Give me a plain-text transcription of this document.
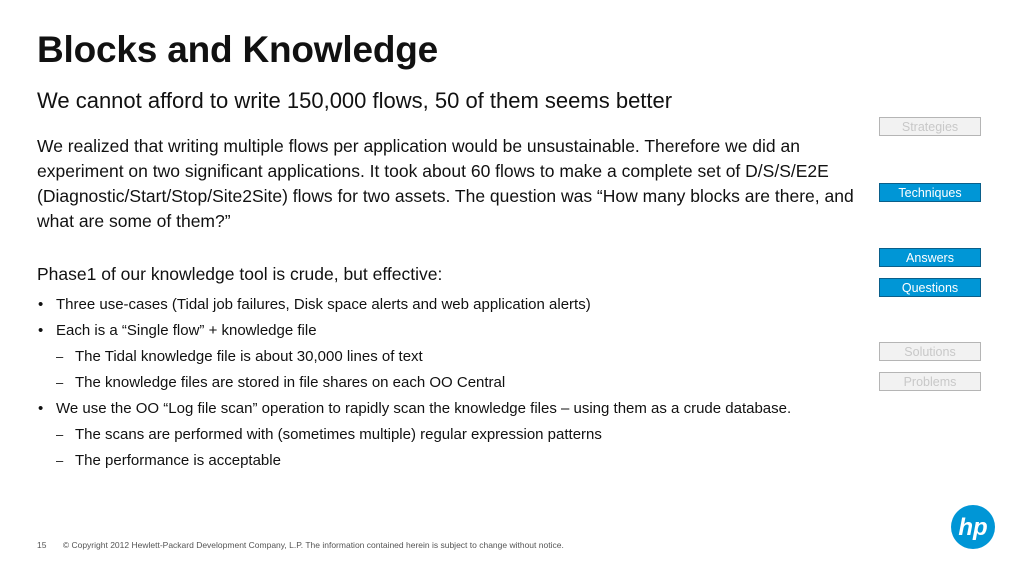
Blocks and Knowledge
We cannot afford to write 150,000 flows, 50 of them seems better
We realized that writing multiple flows per application would be unsustainable. Therefore we did an experiment on two significant applications. It took about 60 flows to make a complete set of D/S/S/E2E (Diagnostic/Start/Stop/Site2Site) flows for two assets. The question was “How many blocks are there, and what are some of them?”
Phase1 of our knowledge tool is crude, but effective:
• Three use-cases (Tidal job failures, Disk space alerts and web application alerts)
• Each is a “Single flow” + knowledge file
– The Tidal knowledge file is about 30,000 lines of text
– The knowledge files are stored in file shares on each OO Central
• We use the OO “Log file scan” operation to rapidly scan the knowledge files – using them as a crude database.
– The scans are performed with (sometimes multiple) regular expression patterns
– The performance is acceptable
Strategies
Techniques
Answers
Questions
Solutions
Problems
15 © Copyright 2012 Hewlett-Packard Development Company, L.P. The information contained herein is subject to change without notice.
hp
